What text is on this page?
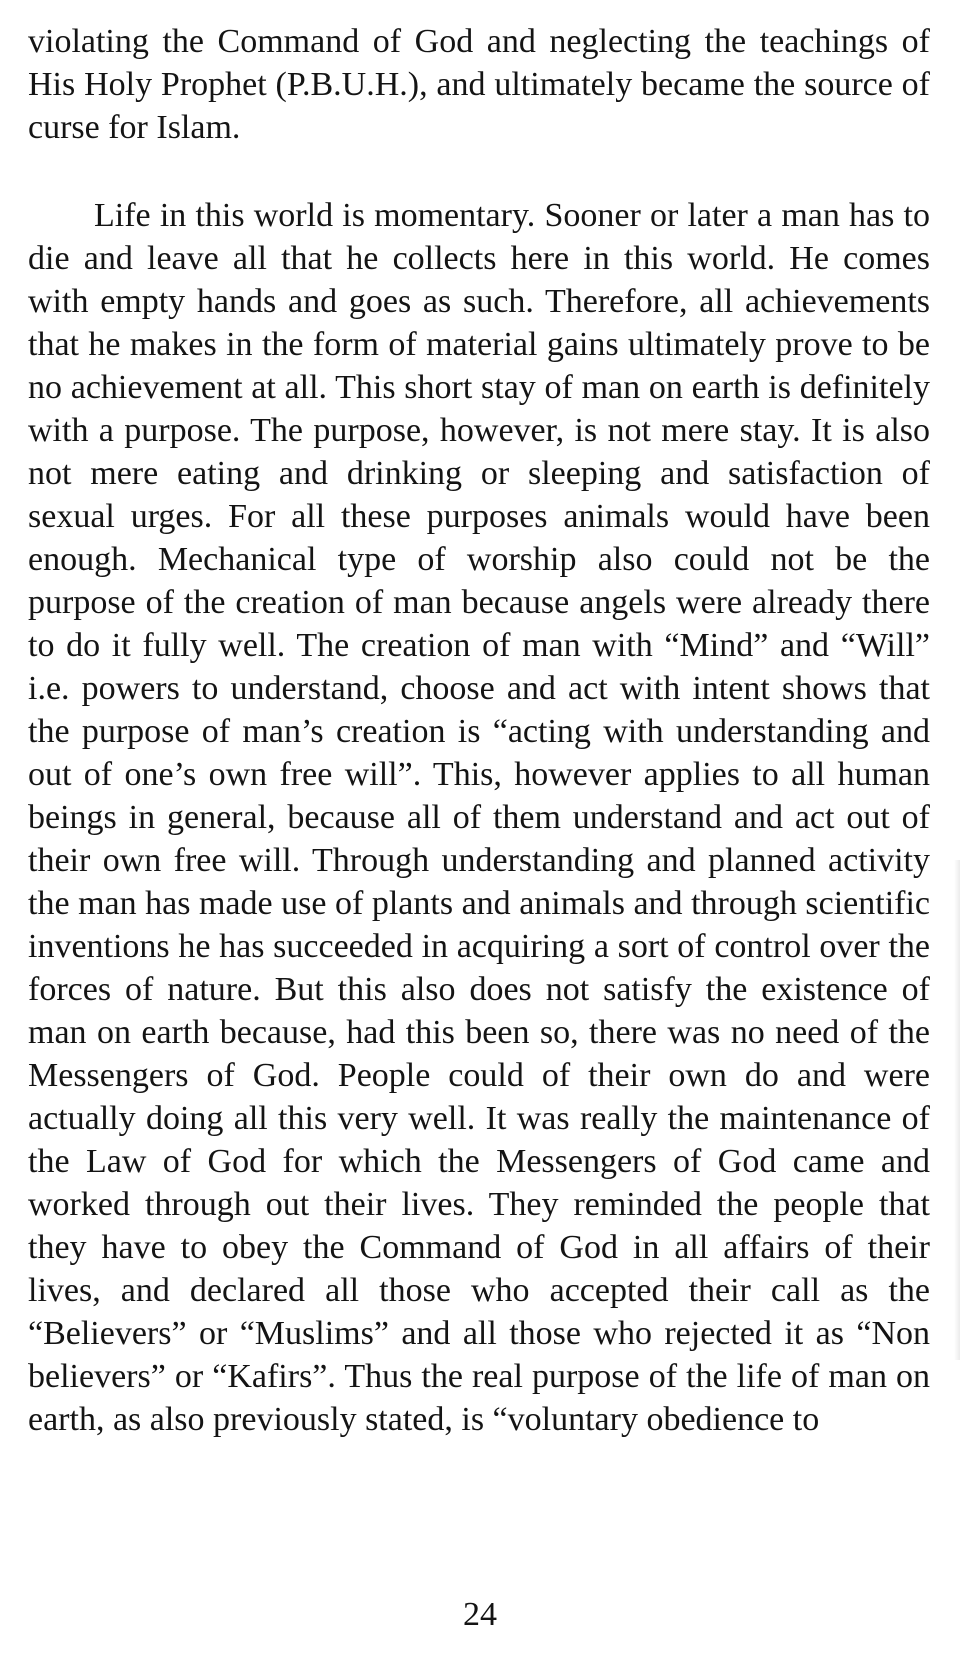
violating the Command of God and neglecting the teachings of His Holy Prophet (P.B.U.H.), and ultimately became the source of curse for Islam.

Life in this world is momentary. Sooner or later a man has to die and leave all that he collects here in this world. He comes with empty hands and goes as such. Therefore, all achievements that he makes in the form of material gains ultimately prove to be no achievement at all. This short stay of man on earth is definitely with a purpose. The purpose, however, is not mere stay. It is also not mere eating and drinking or sleeping and satisfaction of sexual urges. For all these purposes animals would have been enough. Mechanical type of worship also could not be the purpose of the creation of man because angels were already there to do it fully well. The creation of man with “Mind” and “Will” i.e. powers to understand, choose and act with intent shows that the purpose of man’s creation is “acting with understanding and out of one’s own free will”. This, however applies to all human beings in general, because all of them understand and act out of their own free will. Through understanding and planned activity the man has made use of plants and animals and through scientific inventions he has succeeded in acquiring a sort of control over the forces of nature. But this also does not satisfy the existence of man on earth because, had this been so, there was no need of the Messengers of God. People could of their own do and were actually doing all this very well. It was really the maintenance of the Law of God for which the Messengers of God came and worked through out their lives. They reminded the people that they have to obey the Command of God in all affairs of their lives, and declared all those who accepted their call as the “Believers” or “Muslims” and all those who rejected it as “Non believers” or “Kafirs”. Thus the real purpose of the life of man on earth, as also previously stated, is “voluntary obedience to

24
